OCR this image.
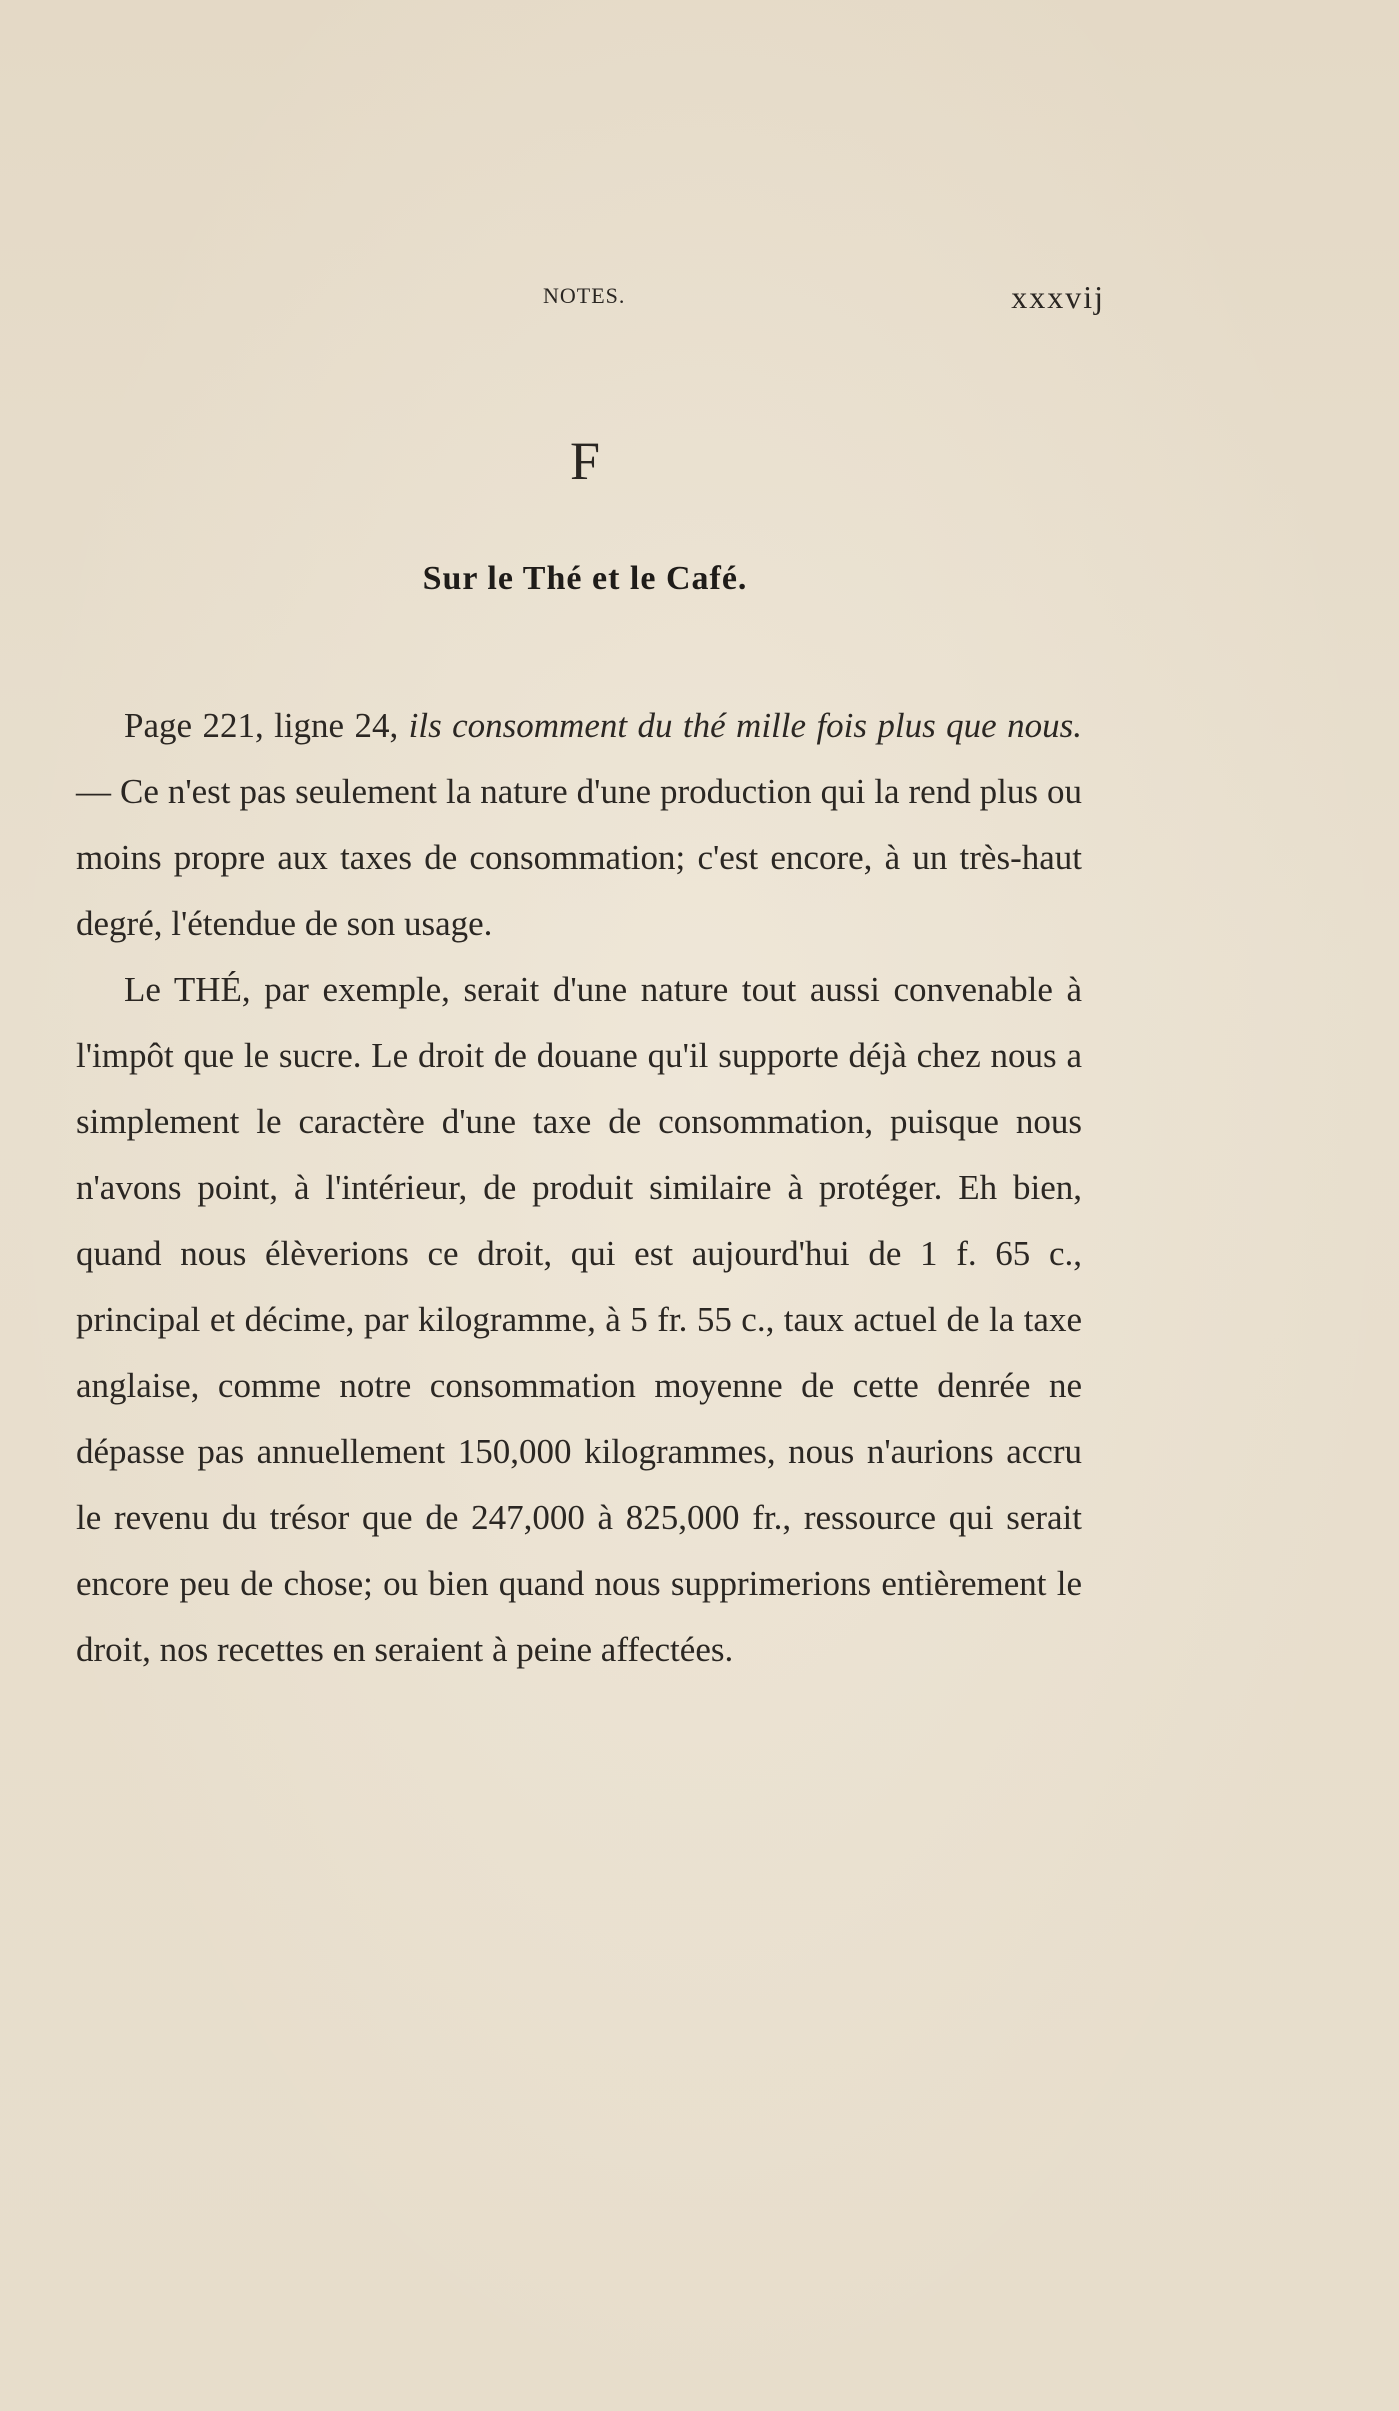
NOTES.	xxxvij
F
Sur le Thé et le Café.

Page 221, ligne 24, ils consomment du thé mille fois plus que nous. — Ce n'est pas seulement la nature d'une production qui la rend plus ou moins propre aux taxes de consommation; c'est encore, à un très-haut degré, l'étendue de son usage.

Le THÉ, par exemple, serait d'une nature tout aussi convenable à l'impôt que le sucre. Le droit de douane qu'il supporte déjà chez nous a simplement le caractère d'une taxe de consommation, puisque nous n'avons point, à l'intérieur, de produit similaire à protéger. Eh bien, quand nous élèverions ce droit, qui est aujourd'hui de 1 f. 65 c., principal et décime, par kilogramme, à 5 fr. 55 c., taux actuel de la taxe anglaise, comme notre consommation moyenne de cette denrée ne dépasse pas annuellement 150,000 kilogrammes, nous n'aurions accru le revenu du trésor que de 247,000 à 825,000 fr., ressource qui serait encore peu de chose; ou bien quand nous supprimerions entièrement le droit, nos recettes en seraient à peine affectées.
